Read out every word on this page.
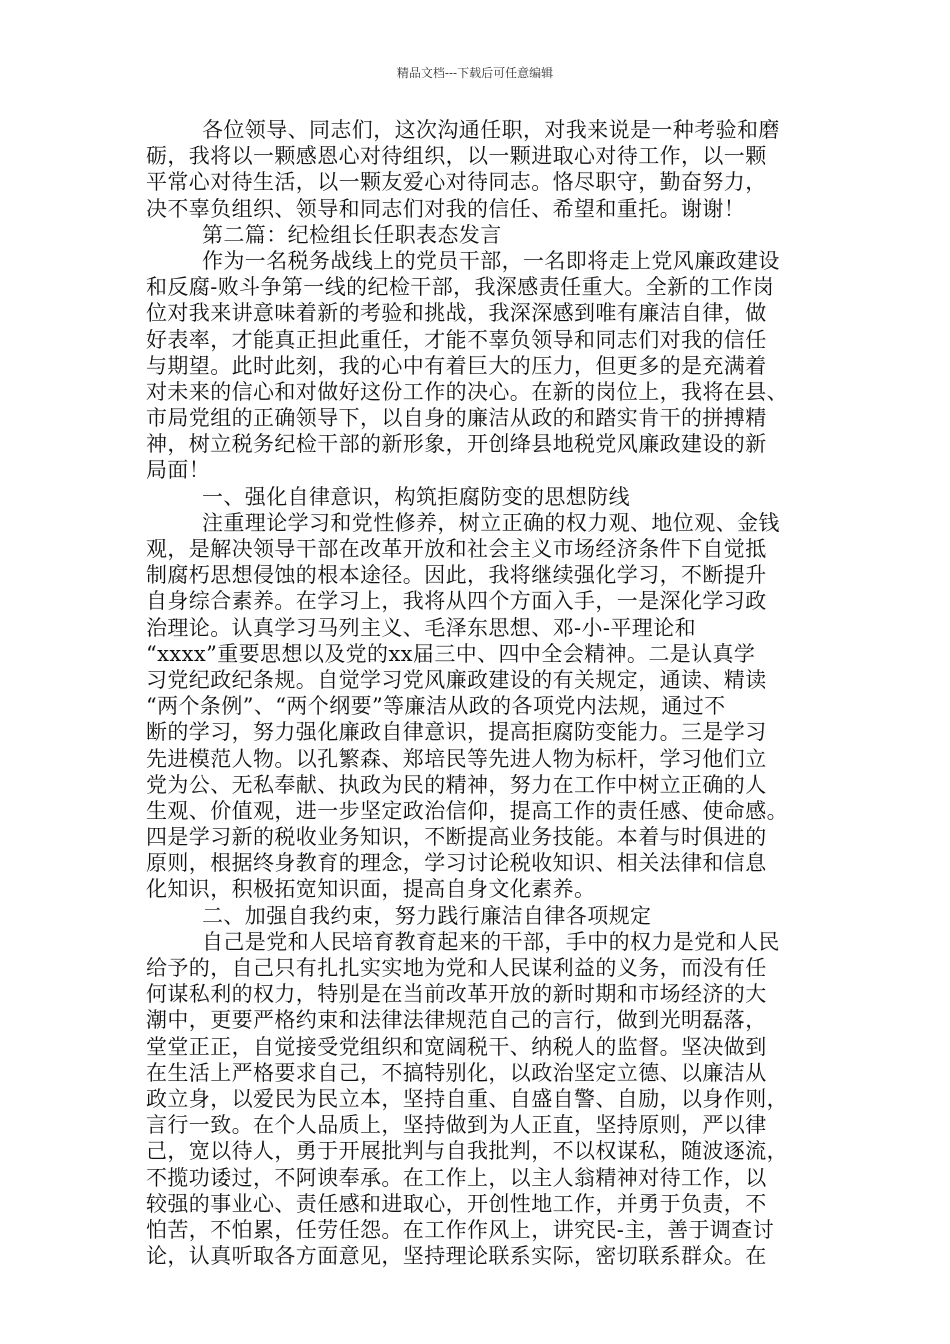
精品文档---下载后可任意编辑
各位领导、同志们，这次沟通任职，对我来说是一种考验和磨
砺，我将以一颗感恩心对待组织，以一颗进取心对待工作，以一颗
平常心对待生活，以一颗友爱心对待同志。恪尽职守，勤奋努力，
决不辜负组织、领导和同志们对我的信任、希望和重托。谢谢！
第二篇：纪检组长任职表态发言
作为一名税务战线上的党员干部，一名即将走上党风廉政建设
和反腐-败斗争第一线的纪检干部，我深感责任重大。全新的工作岗
位对我来讲意味着新的考验和挑战，我深深感到唯有廉洁自律，做
好表率，才能真正担此重任，才能不辜负领导和同志们对我的信任
与期望。此时此刻，我的心中有着巨大的压力，但更多的是充满着
对未来的信心和对做好这份工作的决心。在新的岗位上，我将在县、
市局党组的正确领导下，以自身的廉洁从政的和踏实肯干的拼搏精
神，树立税务纪检干部的新形象，开创绛县地税党风廉政建设的新
局面！
一、强化自律意识，构筑拒腐防变的思想防线
注重理论学习和党性修养，树立正确的权力观、地位观、金钱
观，是解决领导干部在改革开放和社会主义市场经济条件下自觉抵
制腐朽思想侵蚀的根本途径。因此，我将继续强化学习，不断提升
自身综合素养。在学习上，我将从四个方面入手，一是深化学习政
治理论。认真学习马列主义、毛泽东思想、邓-小-平理论和
“xxxx”重要思想以及党的xx届三中、四中全会精神。二是认真学
习党纪政纪条规。自觉学习党风廉政建设的有关规定，通读、精读
“两个条例”、“两个纲要”等廉洁从政的各项党内法规，通过不
断的学习，努力强化廉政自律意识，提高拒腐防变能力。三是学习
先进模范人物。以孔繁森、郑培民等先进人物为标杆，学习他们立
党为公、无私奉献、执政为民的精神，努力在工作中树立正确的人
生观、价值观，进一步坚定政治信仰，提高工作的责任感、使命感。
四是学习新的税收业务知识，不断提高业务技能。本着与时俱进的
原则，根据终身教育的理念，学习讨论税收知识、相关法律和信息
化知识，积极拓宽知识面，提高自身文化素养。
二、加强自我约束，努力践行廉洁自律各项规定
自己是党和人民培育教育起来的干部，手中的权力是党和人民
给予的，自己只有扎扎实实地为党和人民谋利益的义务，而没有任
何谋私利的权力，特别是在当前改革开放的新时期和市场经济的大
潮中，更要严格约束和法律法律规范自己的言行，做到光明磊落，
堂堂正正，自觉接受党组织和宽阔税干、纳税人的监督。坚决做到
在生活上严格要求自己，不搞特别化，以政治坚定立德、以廉洁从
政立身，以爱民为民立本，坚持自重、自盛自警、自励，以身作则，
言行一致。在个人品质上，坚持做到为人正直，坚持原则，严以律
己，宽以待人，勇于开展批判与自我批判，不以权谋私，随波逐流，
不揽功诿过，不阿谀奉承。在工作上，以主人翁精神对待工作，以
较强的事业心、责任感和进取心，开创性地工作，并勇于负责，不
怕苦，不怕累，任劳任怨。在工作作风上，讲究民-主，善于调查讨
论，认真听取各方面意见，坚持理论联系实际，密切联系群众。在
